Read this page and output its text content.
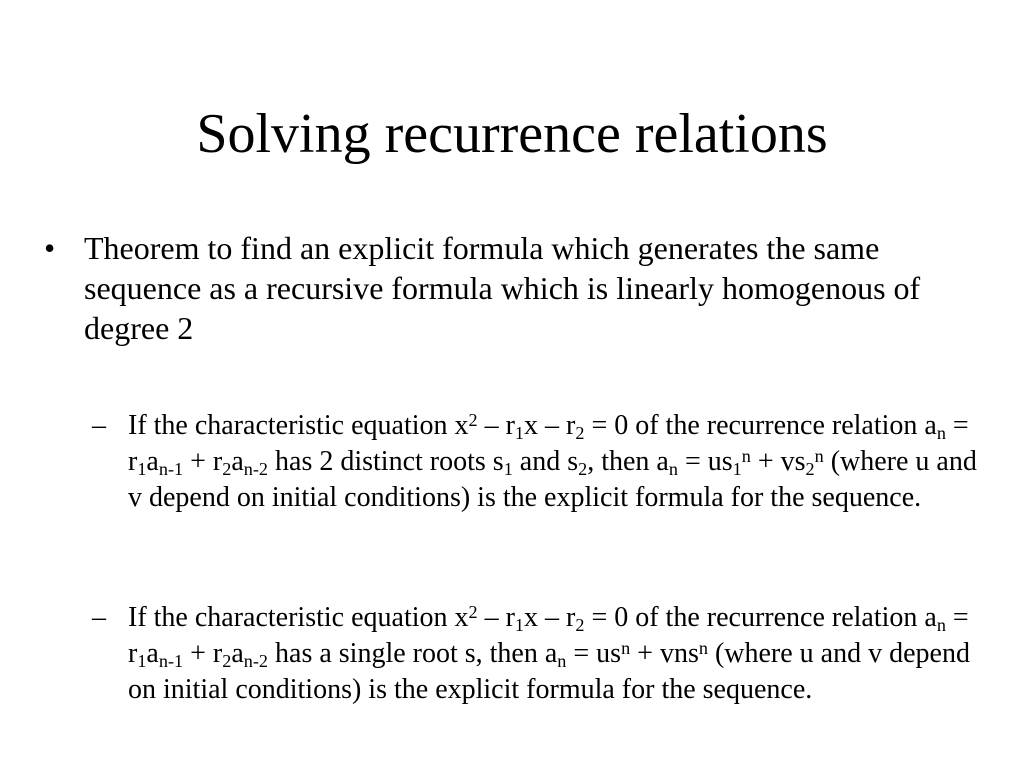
Solving recurrence relations
• Theorem to find an explicit formula which generates the same sequence as a recursive formula which is linearly homogenous of degree 2
– If the characteristic equation $x^2 - r_1x - r_2 = 0$ of the recurrence relation $a_n = r_1a_{n-1} + r_2a_{n-2}$ has 2 distinct roots $s_1$ and $s_2$, then $a_n = us_1^n + vs_2^n$ (where u and v depend on initial conditions) is the explicit formula for the sequence.
– If the characteristic equation $x^2 - r_1x - r_2 = 0$ of the recurrence relation $a_n = r_1a_{n-1} + r_2a_{n-2}$ has a single root s, then $a_n = us^n + vns^n$ (where u and v depend on initial conditions) is the explicit formula for the sequence.
